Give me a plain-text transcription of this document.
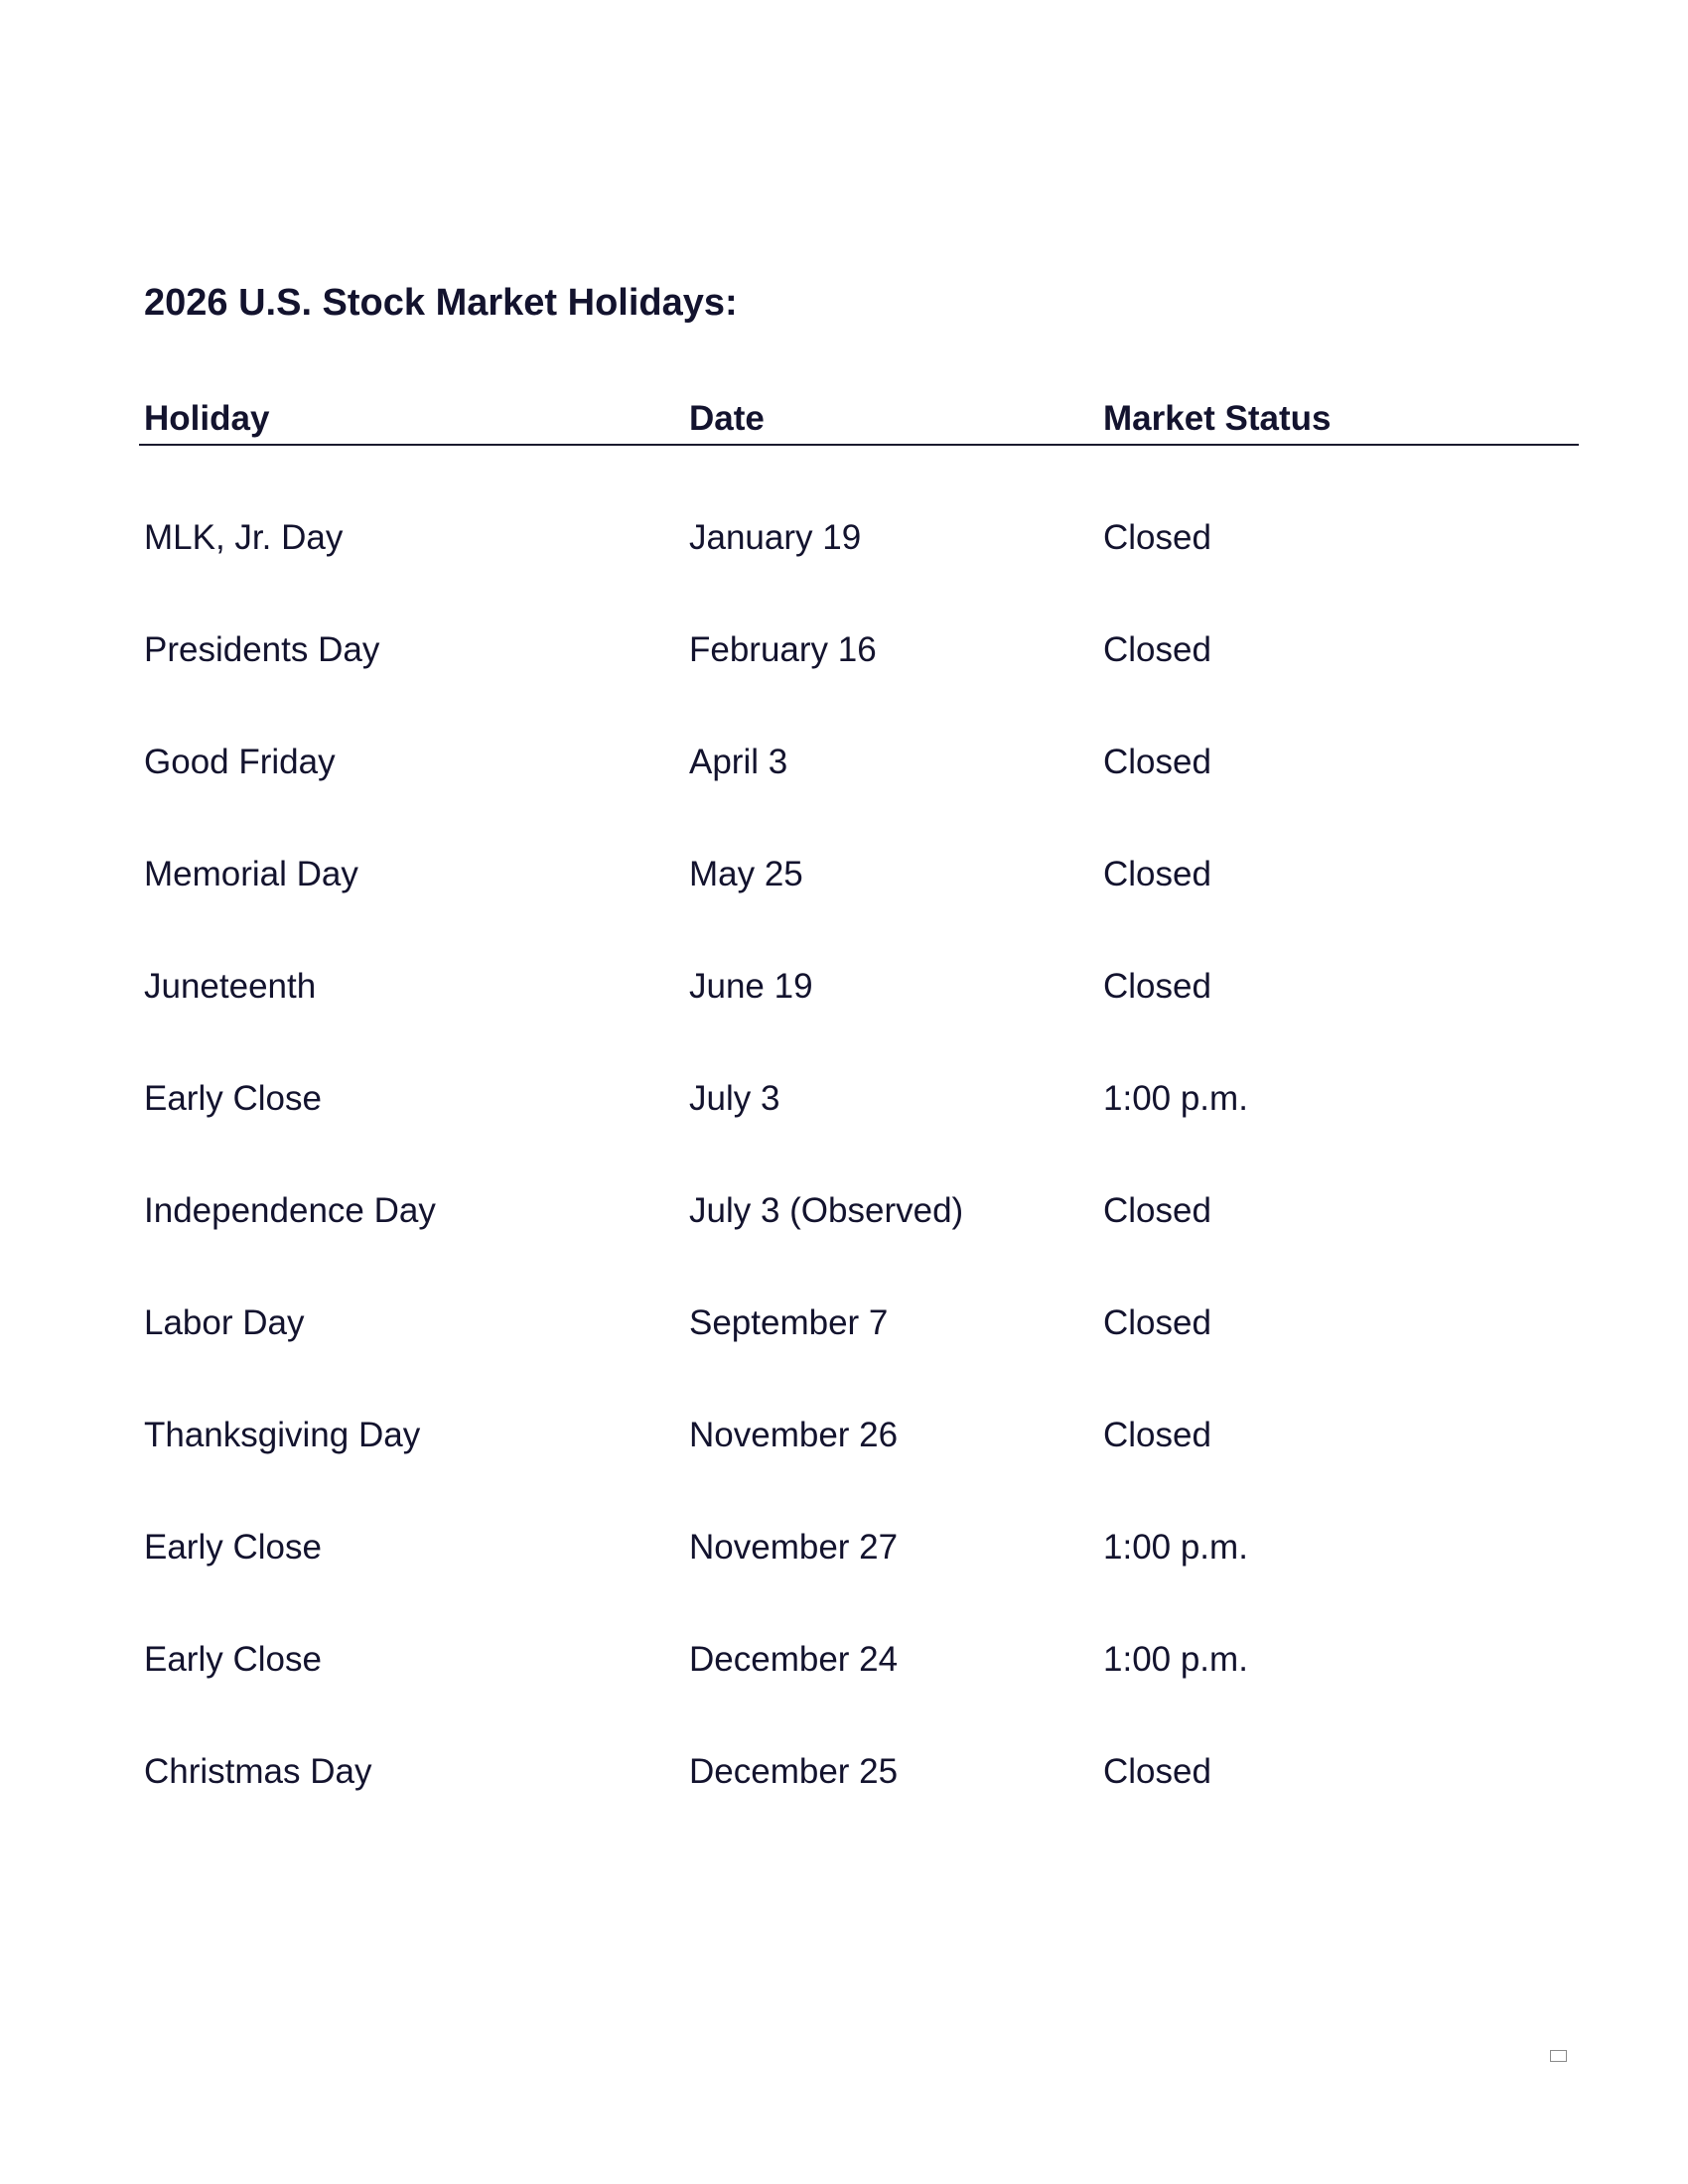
2026 U.S. Stock Market Holidays:
Holiday	Date	Market Status
MLK, Jr. Day	January 19	Closed
Presidents Day	February 16	Closed
Good Friday	April 3	Closed
Memorial Day	May 25	Closed
Juneteenth	June 19	Closed
Early Close	July 3	1:00 p.m.
Independence Day	July 3 (Observed)	Closed
Labor Day	September 7	Closed
Thanksgiving Day	November 26	Closed
Early Close	November 27	1:00 p.m.
Early Close	December 24	1:00 p.m.
Christmas Day	December 25	Closed
